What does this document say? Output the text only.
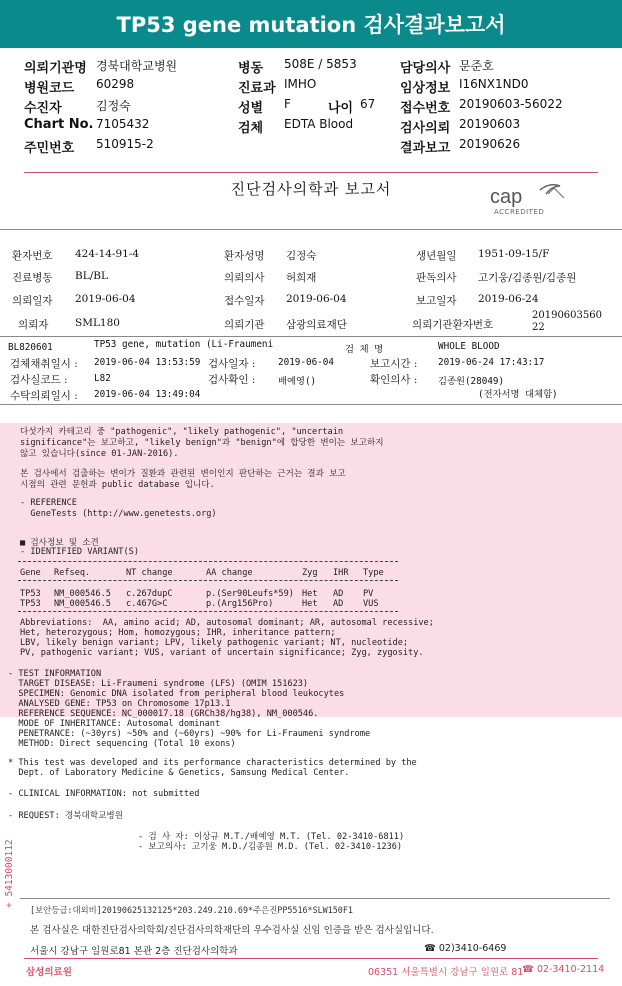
TP53 gene mutation 검사결과보고서
의뢰기관명 경북대학교병원	병동 508E / 5853	담당의사 문준호
병원코드 60298	진료과 IMHO	임상정보 I16NX1ND0
수진자	김정숙	성별 F	나이 67 접수번호 20190603-56022
Chart No. 7105432	검체 EDTA Blood	검사의뢰 20190603
주민번호 510915-2	결과보고 20190626
진단검사의학과 보고서	cap
ACCREDITED
환자번호 424-14-91-4	환자성명 김정숙	생년월일 1951-09-15/F
진료병동 BL/BL	의뢰의사 허희재	판독의사 고기웅/김종원/김종원
의뢰일자 2019-06-04	접수일자 2019-06-04	보고일자 2019-06-24
의뢰자	SML180	의뢰기관 삼광의료재단	의뢰기관환자번호
20190603560 22
BL820601	TP53 gene, mutation (Li-Fraumeni	검 체 명	WHOLE BLOOD
검체채취일시 : 2019-06-04 13:53:59 검사일자 : 2019-06-04	보고시간 : 2019-06-24 17:43:17
검사실코드 :	L82	검사확인 : 배예영()	확인의사 : 김종원(28049)
수탁의뢰일시 : 2019-06-04 13:49:04	(전자서명 대체함)
다섯가지 카테고리 중 "pathogenic", "likely pathogenic", "uncertain
significance"는 보고하고, "likely benign"과 "benign"에 합당한 변이는 보고하지
않고 있습니다(since 01-JAN-2016).
본 검사에서 검출하는 변이가 질환과 관련된 변이인지 판단하는 근거는 결과 보고
시점의 관련 문헌과 public database 입니다.
- REFERENCE
GeneTests (http://www.genetests.org)
■ 검사정보 및 소견
- IDENTIFIED VARIANT(S)
Gene Refseq.	NT change	AA change	Zyg IHR Type
TP53 NM_000546.5 c.267dupC	p.(Ser90Leufs*59) Het AD PV
TP53 NM_000546.5 c.467G>C	p.(Arg156Pro)	Het AD VUS
Abbreviations:  AA, amino acid; AD, autosomal dominant; AR, autosomal recessive;
Het, heterozygous; Hom, homozygous; IHR, inheritance pattern;
LBV, likely benign variant; LPV, likely pathogenic variant; NT, nucleotide;
PV, pathogenic variant; VUS, variant of uncertain significance; Zyg, zygosity.
- TEST INFORMATION
TARGET DISEASE: Li-Fraumeni syndrome (LFS) (OMIM 151623)
SPECIMEN: Genomic DNA isolated from peripheral blood leukocytes
ANALYSED GENE: TP53 on Chromosome 17p13.1
REFERENCE SEQUENCE: NC_000017.18 (GRCh38/hg38), NM_000546.
MODE OF INHERITANCE: Autosomal dominant
PENETRANCE: (~30yrs) ~50% and (~60yrs) ~90% for Li-Fraumeni syndrome
METHOD: Direct sequencing (Total 10 exons)
* This test was developed and its performance characteristics determined by the
Dept. of Laboratory Medicine & Genetics, Samsung Medical Center.
- CLINICAL INFORMATION: not submitted
- REQUEST: 경북대학교병원
- 검 사 자: 이상규 M.T./배예영 M.T. (Tel. 02-3410-6811)
- 보고의사: 고기웅 M.D./김종원 M.D. (Tel. 02-3410-1236)
+ 5413000112
[보안등급:대외비]20190625132125*203.249.210.69*주은진PP5516*SLW150F1
본 검사실은 대한진단검사의학회/진단검사의학재단의 우수검사실 신임 인증을 받은 검사실입니다.
서울시 강남구 일원로81 본관 2층 진단검사의학과	☎ 02)3410-6469
삼성의료원	06351 서울특별시 강남구 일원로 81
☎ 02-3410-2114
